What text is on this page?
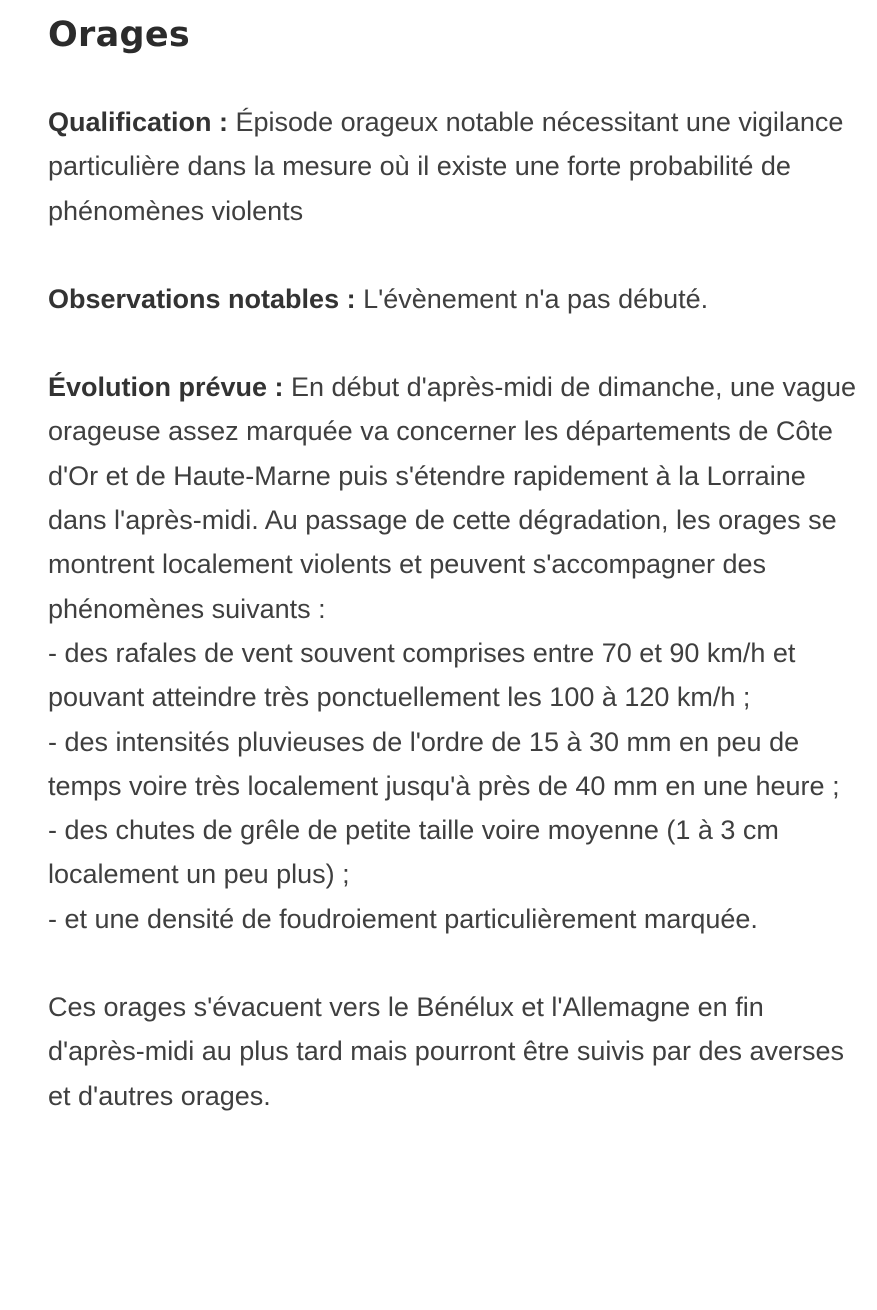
Orages

Qualification : Épisode orageux notable nécessitant une vigilance particulière dans la mesure où il existe une forte probabilité de phénomènes violents

Observations notables : L'évènement n'a pas débuté.

Évolution prévue : En début d'après-midi de dimanche, une vague orageuse assez marquée va concerner les départements de Côte d'Or et de Haute-Marne puis s'étendre rapidement à la Lorraine dans l'après-midi. Au passage de cette dégradation, les orages se montrent localement violents et peuvent s'accompagner des phénomènes suivants :
- des rafales de vent souvent comprises entre 70 et 90 km/h et pouvant atteindre très ponctuellement les 100 à 120 km/h ;
- des intensités pluvieuses de l'ordre de 15 à 30 mm en peu de temps voire très localement jusqu'à près de 40 mm en une heure ;
- des chutes de grêle de petite taille voire moyenne (1 à 3 cm localement un peu plus) ;
- et une densité de foudroiement particulièrement marquée.

Ces orages s'évacuent vers le Bénélux et l'Allemagne en fin d'après-midi au plus tard mais pourront être suivis par des averses et d'autres orages.
